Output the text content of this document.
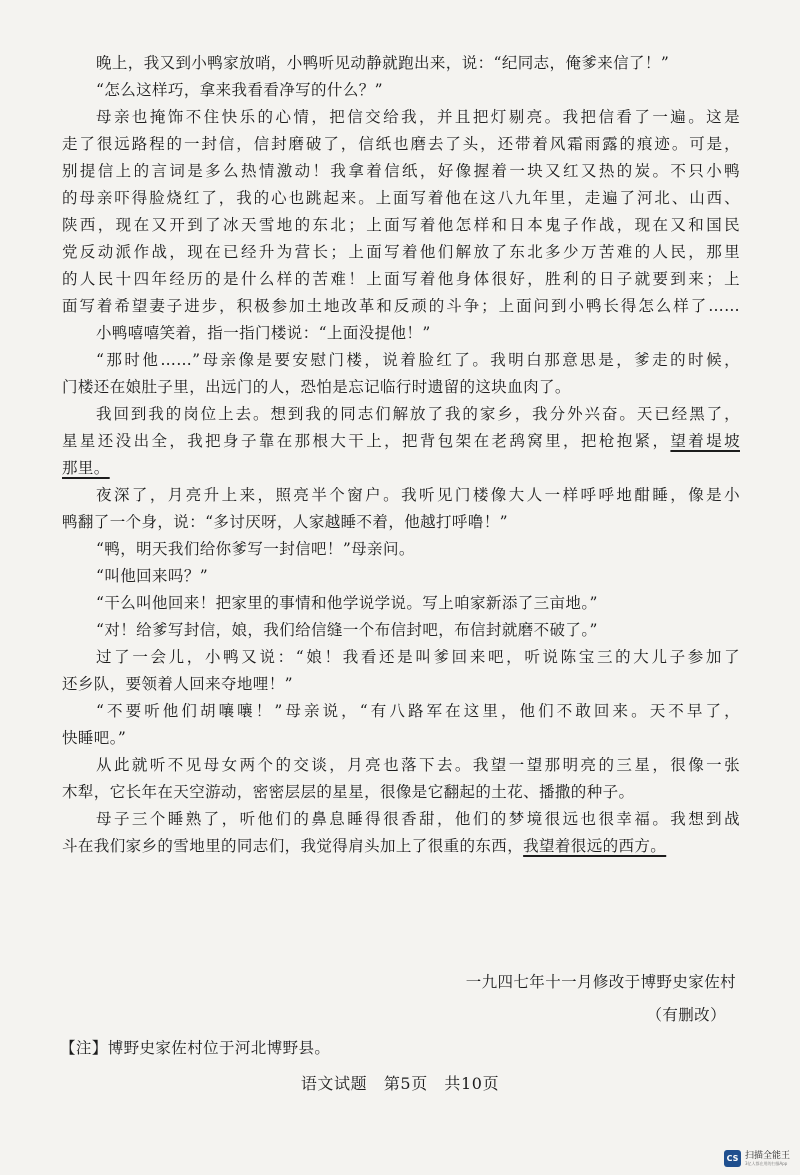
晚上，我又到小鸭家放哨，小鸭听见动静就跑出来，说：“纪同志，俺爹来信了！”
“怎么这样巧，拿来我看看净写的什么？”
母亲也掩饰不住快乐的心情，把信交给我，并且把灯剔亮。我把信看了一遍。这是
走了很远路程的一封信，信封磨破了，信纸也磨去了头，还带着风霜雨露的痕迹。可是，
别提信上的言词是多么热情激动！我拿着信纸，好像握着一块又红又热的炭。不只小鸭
的母亲吓得脸烧红了，我的心也跳起来。上面写着他在这八九年里，走遍了河北、山西、
陕西，现在又开到了冰天雪地的东北；上面写着他怎样和日本鬼子作战，现在又和国民
党反动派作战，现在已经升为营长；上面写着他们解放了东北多少万苦难的人民，那里
的人民十四年经历的是什么样的苦难！上面写着他身体很好，胜利的日子就要到来；上
面写着希望妻子进步，积极参加土地改革和反顽的斗争；上面问到小鸭长得怎么样了……
小鸭嘻嘻笑着，指一指门楼说：“上面没提他！”
“那时他……”母亲像是要安慰门楼，说着脸红了。我明白那意思是，爹走的时候，
门楼还在娘肚子里，出远门的人，恐怕是忘记临行时遗留的这块血肉了。
我回到我的岗位上去。想到我的同志们解放了我的家乡，我分外兴奋。天已经黑了，
星星还没出全，我把身子靠在那根大干上，把背包架在老鸹窝里，把枪抱紧，望着堤坡
那里。
夜深了，月亮升上来，照亮半个窗户。我听见门楼像大人一样呼呼地酣睡，像是小
鸭翻了一个身，说：“多讨厌呀，人家越睡不着，他越打呼噜！”
“鸭，明天我们给你爹写一封信吧！”母亲问。
“叫他回来吗？”
“干么叫他回来！把家里的事情和他学说学说。写上咱家新添了三亩地。”
“对！给爹写封信，娘，我们给信缝一个布信封吧，布信封就磨不破了。”
过了一会儿，小鸭又说：“娘！我看还是叫爹回来吧，听说陈宝三的大儿子参加了
还乡队，要领着人回来夺地哩！”
“不要听他们胡嚷嚷！”母亲说，“有八路军在这里，他们不敢回来。天不早了，
快睡吧。”
从此就听不见母女两个的交谈，月亮也落下去。我望一望那明亮的三星，很像一张
木犁，它长年在天空游动，密密层层的星星，很像是它翻起的土花、播撒的种子。
母子三个睡熟了，听他们的鼻息睡得很香甜，他们的梦境很远也很幸福。我想到战
斗在我们家乡的雪地里的同志们，我觉得肩头加上了很重的东西，我望着很远的西方。
一九四七年十一月修改于博野史家佐村
（有删改）
【注】博野史家佐村位于河北博野县。
语文试题　第5页　共10页
CS 扫描全能王
3亿人都在用的扫描App
